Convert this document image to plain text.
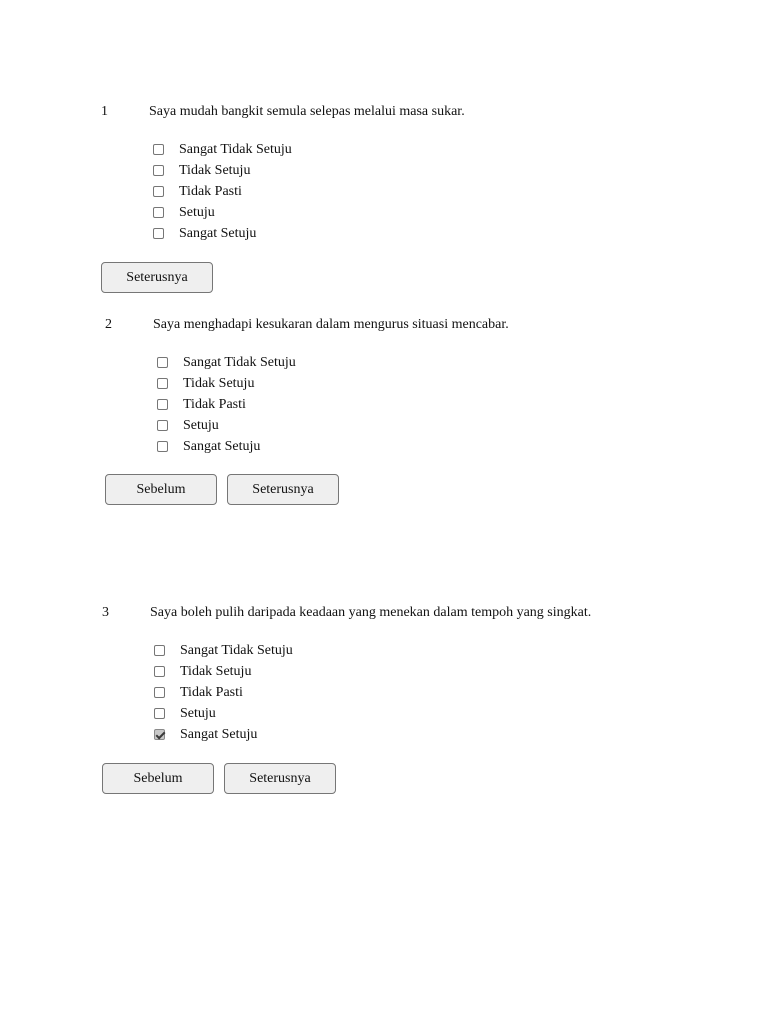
1	Saya mudah bangkit semula selepas melalui masa sukar.
Sangat Tidak Setuju
Tidak Setuju
Tidak Pasti
Setuju
Sangat Setuju
Seterusnya
2	Saya menghadapi kesukaran dalam mengurus situasi mencabar.
Sangat Tidak Setuju
Tidak Setuju
Tidak Pasti
Setuju
Sangat Setuju
Sebelum	Seterusnya
3	Saya boleh pulih daripada keadaan yang menekan dalam tempoh yang singkat.
Sangat Tidak Setuju
Tidak Setuju
Tidak Pasti
Setuju
Sangat Setuju
Sebelum	Seterusnya
